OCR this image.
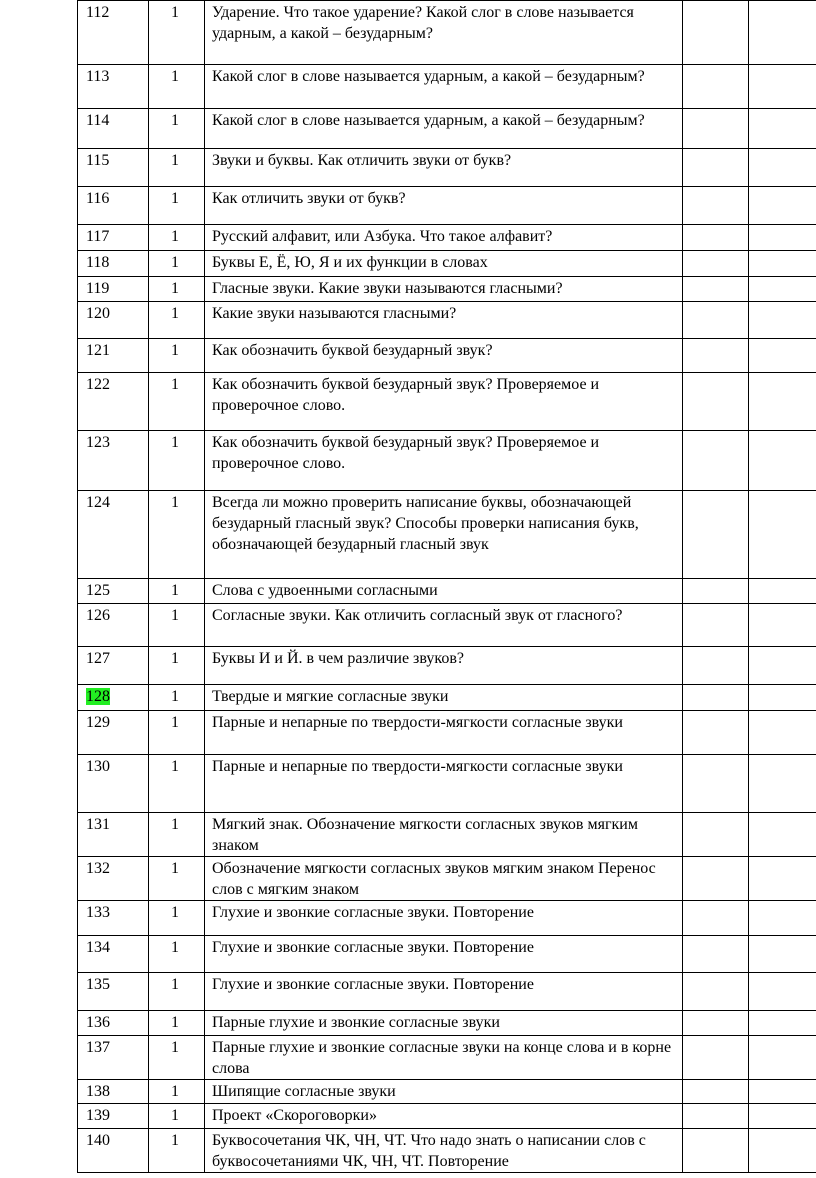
112	1	Ударение. Что такое ударение? Какой слог в слове называется ударным, а какой – безударным?		
113	1	Какой слог в слове называется ударным, а какой – безударным?		
114	1	Какой слог в слове называется ударным, а какой – безударным?		
115	1	Звуки и буквы. Как отличить звуки от букв?		
116	1	Как отличить звуки от букв?		
117	1	Русский алфавит, или Азбука. Что такое алфавит?		
118	1	Буквы Е, Ё, Ю, Я и их функции в словах		
119	1	Гласные звуки. Какие звуки называются гласными?		
120	1	Какие звуки называются гласными?		
121	1	Как обозначить буквой безударный звук?		
122	1	Как обозначить буквой безударный звук? Проверяемое и проверочное слово.		
123	1	Как обозначить буквой безударный звук? Проверяемое и проверочное слово.		
124	1	Всегда ли можно проверить написание буквы, обозначающей безударный гласный звук? Способы проверки написания букв, обозначающей безударный гласный звук		
125	1	Слова с удвоенными согласными		
126	1	Согласные звуки. Как отличить согласный звук от гласного?		
127	1	Буквы И и Й. в чем различие звуков?		
128	1	Твердые и мягкие согласные звуки		
129	1	Парные и непарные по твердости-мягкости согласные звуки		
130	1	Парные и непарные по твердости-мягкости согласные звуки		
131	1	Мягкий знак. Обозначение мягкости согласных звуков мягким знаком		
132	1	Обозначение мягкости согласных звуков мягким знаком Перенос слов с мягким знаком		
133	1	Глухие и звонкие согласные звуки. Повторение		
134	1	Глухие и звонкие согласные звуки. Повторение		
135	1	Глухие и звонкие согласные звуки. Повторение		
136	1	Парные глухие и звонкие согласные звуки		
137	1	Парные глухие и звонкие согласные звуки на конце слова и в корне слова		
138	1	Шипящие согласные звуки		
139	1	Проект «Скороговорки»		
140	1	Буквосочетания ЧК, ЧН, ЧТ. Что надо знать о написании слов с буквосочетаниями ЧК, ЧН, ЧТ. Повторение		
